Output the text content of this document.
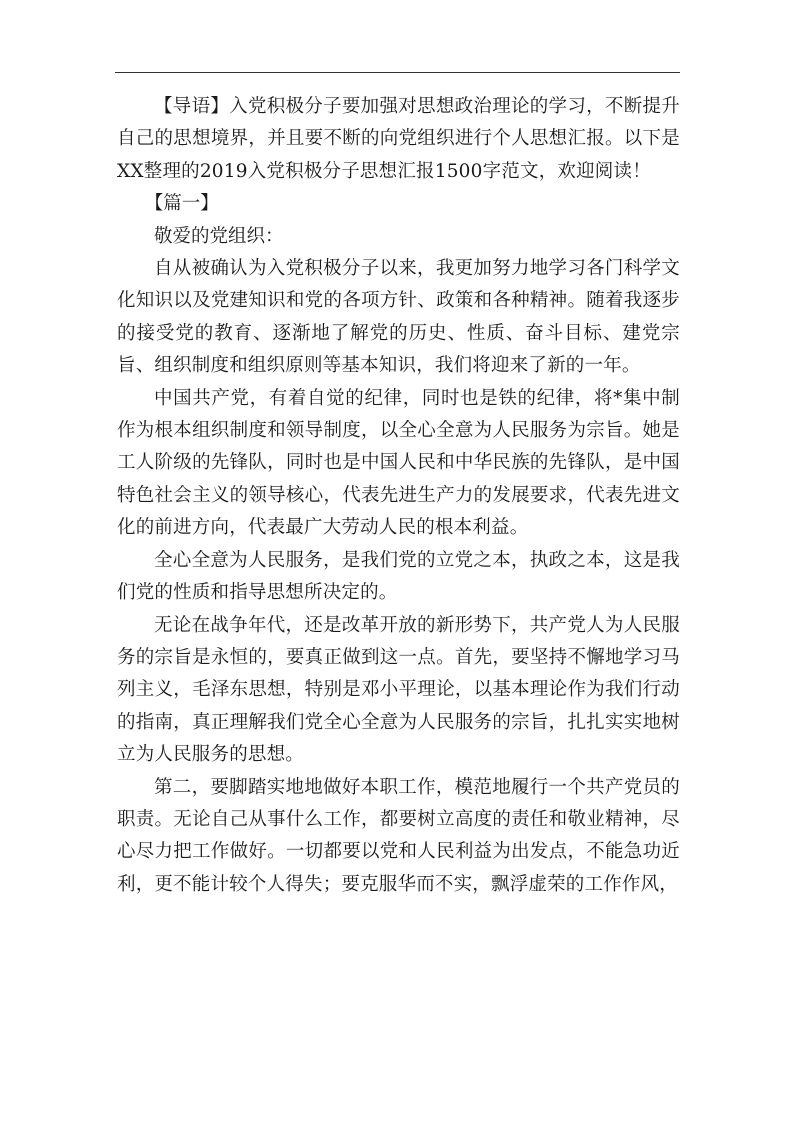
【导语】入党积极分子要加强对思想政治理论的学习，不断提升自己的思想境界，并且要不断的向党组织进行个人思想汇报。以下是XX整理的2019入党积极分子思想汇报1500字范文，欢迎阅读！

【篇一】

敬爱的党组织：

自从被确认为入党积极分子以来，我更加努力地学习各门科学文化知识以及党建知识和党的各项方针、政策和各种精神。随着我逐步的接受党的教育、逐渐地了解党的历史、性质、奋斗目标、建党宗旨、组织制度和组织原则等基本知识，我们将迎来了新的一年。

中国共产党，有着自觉的纪律，同时也是铁的纪律，将*集中制作为根本组织制度和领导制度，以全心全意为人民服务为宗旨。她是工人阶级的先锋队，同时也是中国人民和中华民族的先锋队，是中国特色社会主义的领导核心，代表先进生产力的发展要求，代表先进文化的前进方向，代表最广大劳动人民的根本利益。

全心全意为人民服务，是我们党的立党之本，执政之本，这是我们党的性质和指导思想所决定的。

无论在战争年代，还是改革开放的新形势下，共产党人为人民服务的宗旨是永恒的，要真正做到这一点。首先，要坚持不懈地学习马列主义，毛泽东思想，特别是邓小平理论，以基本理论作为我们行动的指南，真正理解我们党全心全意为人民服务的宗旨，扎扎实实地树立为人民服务的思想。

第二，要脚踏实地地做好本职工作，模范地履行一个共产党员的职责。无论自己从事什么工作，都要树立高度的责任和敬业精神，尽心尽力把工作做好。一切都要以党和人民利益为出发点，不能急功近利，更不能计较个人得失；要克服华而不实，飘浮虚荣的工作作风，
